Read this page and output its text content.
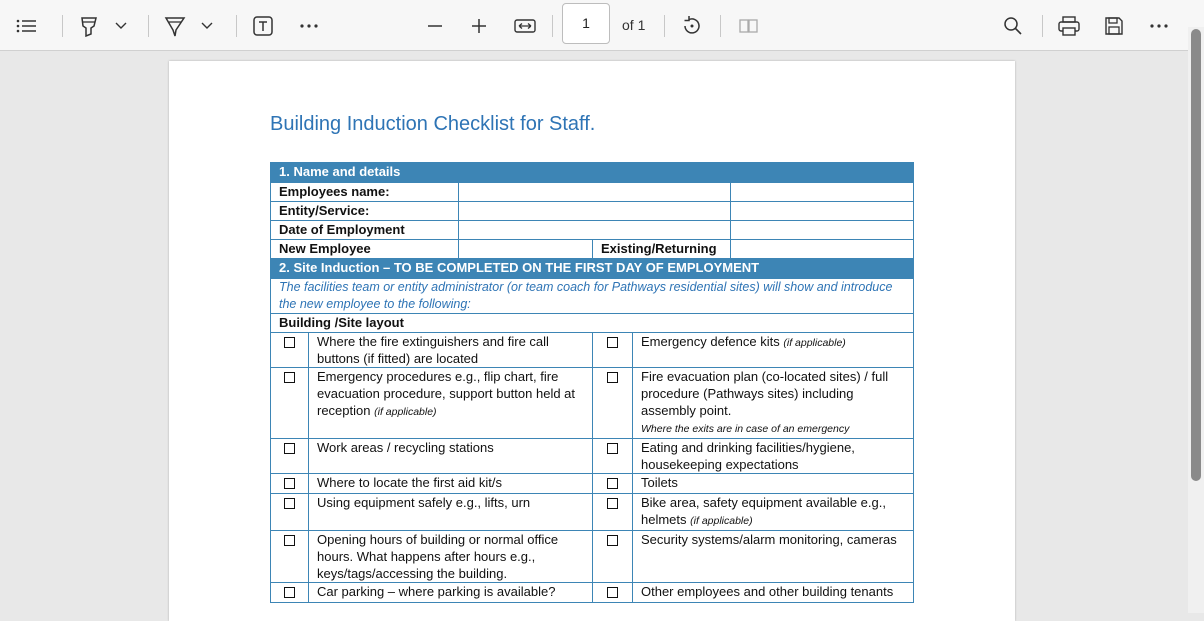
1	of 1
Building Induction Checklist for Staff.
1. Name and details					
Employees name:					
Entity/Service:					
Date of Employment					
New Employee			Existing/Returning		
2. Site Induction – TO BE COMPLETED ON THE FIRST DAY OF EMPLOYMENT					
The facilities team or entity administrator (or team coach for Pathways residential sites) will show and introduce the new employee to the following:					
Building /Site layout					
	Where the fire extinguishers and fire call buttons (if fitted) are located			Emergency defence kits (if applicable)	
	Emergency procedures e.g., flip chart, fire evacuation procedure, support button held at reception (if applicable)			Fire evacuation plan (co-located sites) / full procedure (Pathways sites) including assembly point.
Where the exits are in case of an emergency	
	Work areas / recycling stations			Eating and drinking facilities/hygiene, housekeeping expectations	
	Where to locate the first aid kit/s			Toilets	
	Using equipment safely e.g., lifts, urn			Bike area, safety equipment available e.g., helmets (if applicable)	
	Opening hours of building or normal office hours. What happens after hours e.g., keys/tags/accessing the building.			Security systems/alarm monitoring, cameras	
	Car parking – where parking is available?			Other employees and other building tenants	
